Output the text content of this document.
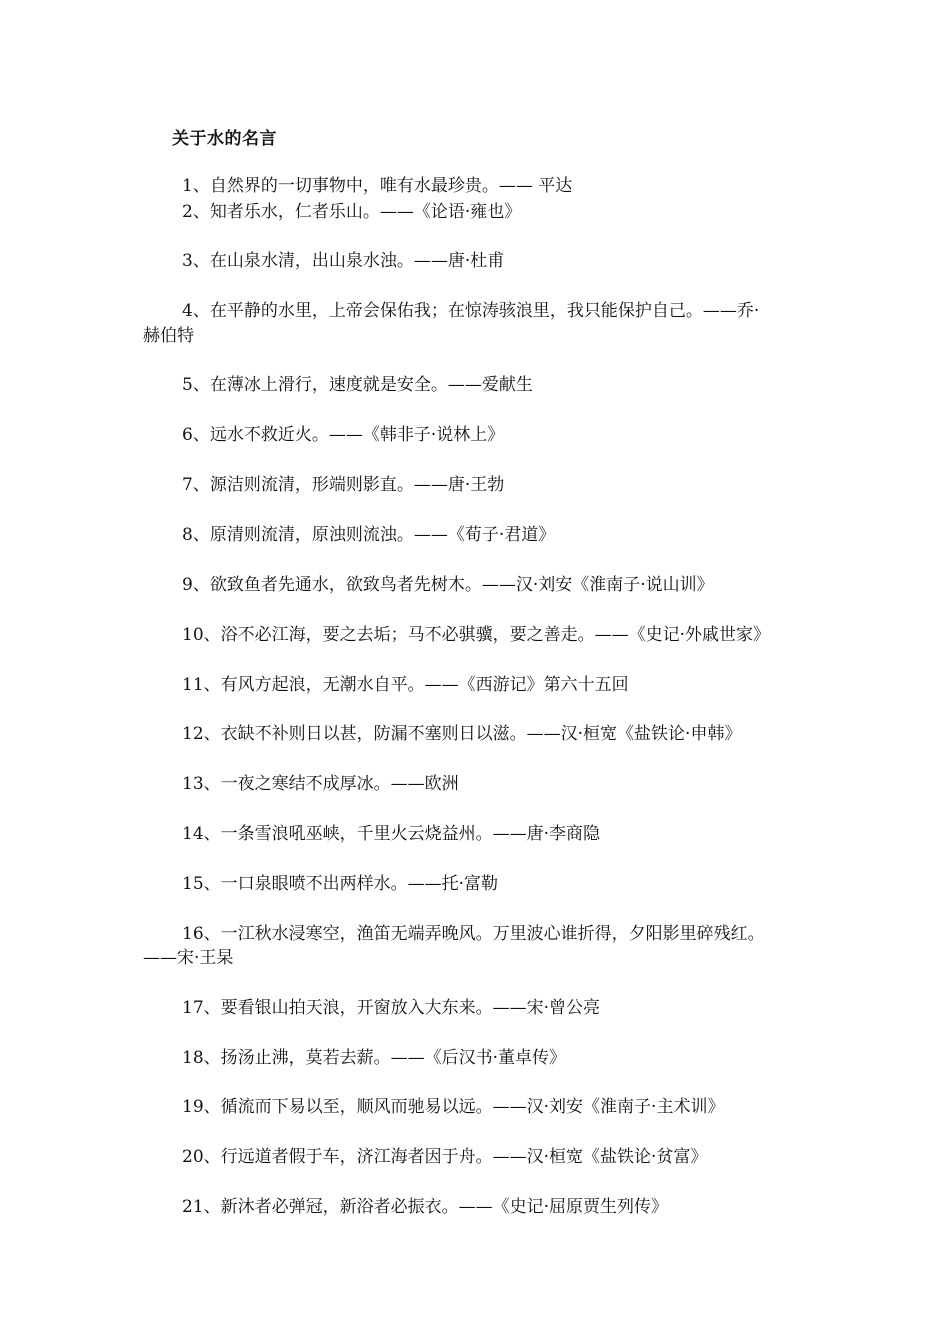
关于水的名言
1、自然界的一切事物中，唯有水最珍贵。—— 平达
2、知者乐水，仁者乐山。——《论语·雍也》
3、在山泉水清，出山泉水浊。——唐·杜甫
4、在平静的水里，上帝会保佑我；在惊涛骇浪里，我只能保护自己。——乔·
赫伯特
5、在薄冰上滑行，速度就是安全。——爱献生
6、远水不救近火。——《韩非子·说林上》
7、源洁则流清，形端则影直。——唐·王勃
8、原清则流清，原浊则流浊。——《荀子·君道》
9、欲致鱼者先通水，欲致鸟者先树木。——汉·刘安《淮南子·说山训》
10、浴不必江海，要之去垢；马不必骐骥，要之善走。——《史记·外戚世家》
11、有风方起浪，无潮水自平。——《西游记》第六十五回
12、衣缺不补则日以甚，防漏不塞则日以滋。——汉·桓宽《盐铁论·申韩》
13、一夜之寒结不成厚冰。——欧洲
14、一条雪浪吼巫峡，千里火云烧益州。——唐·李商隐
15、一口泉眼喷不出两样水。——托·富勒
16、一江秋水浸寒空，渔笛无端弄晚风。万里波心谁折得，夕阳影里碎残红。
——宋·王杲
17、要看银山拍天浪，开窗放入大东来。——宋·曾公亮
18、扬汤止沸，莫若去薪。——《后汉书·董卓传》
19、循流而下易以至，顺风而驰易以远。——汉·刘安《淮南子·主术训》
20、行远道者假于车，济江海者因于舟。——汉·桓宽《盐铁论·贫富》
21、新沐者必弹冠，新浴者必振衣。——《史记·屈原贾生列传》
